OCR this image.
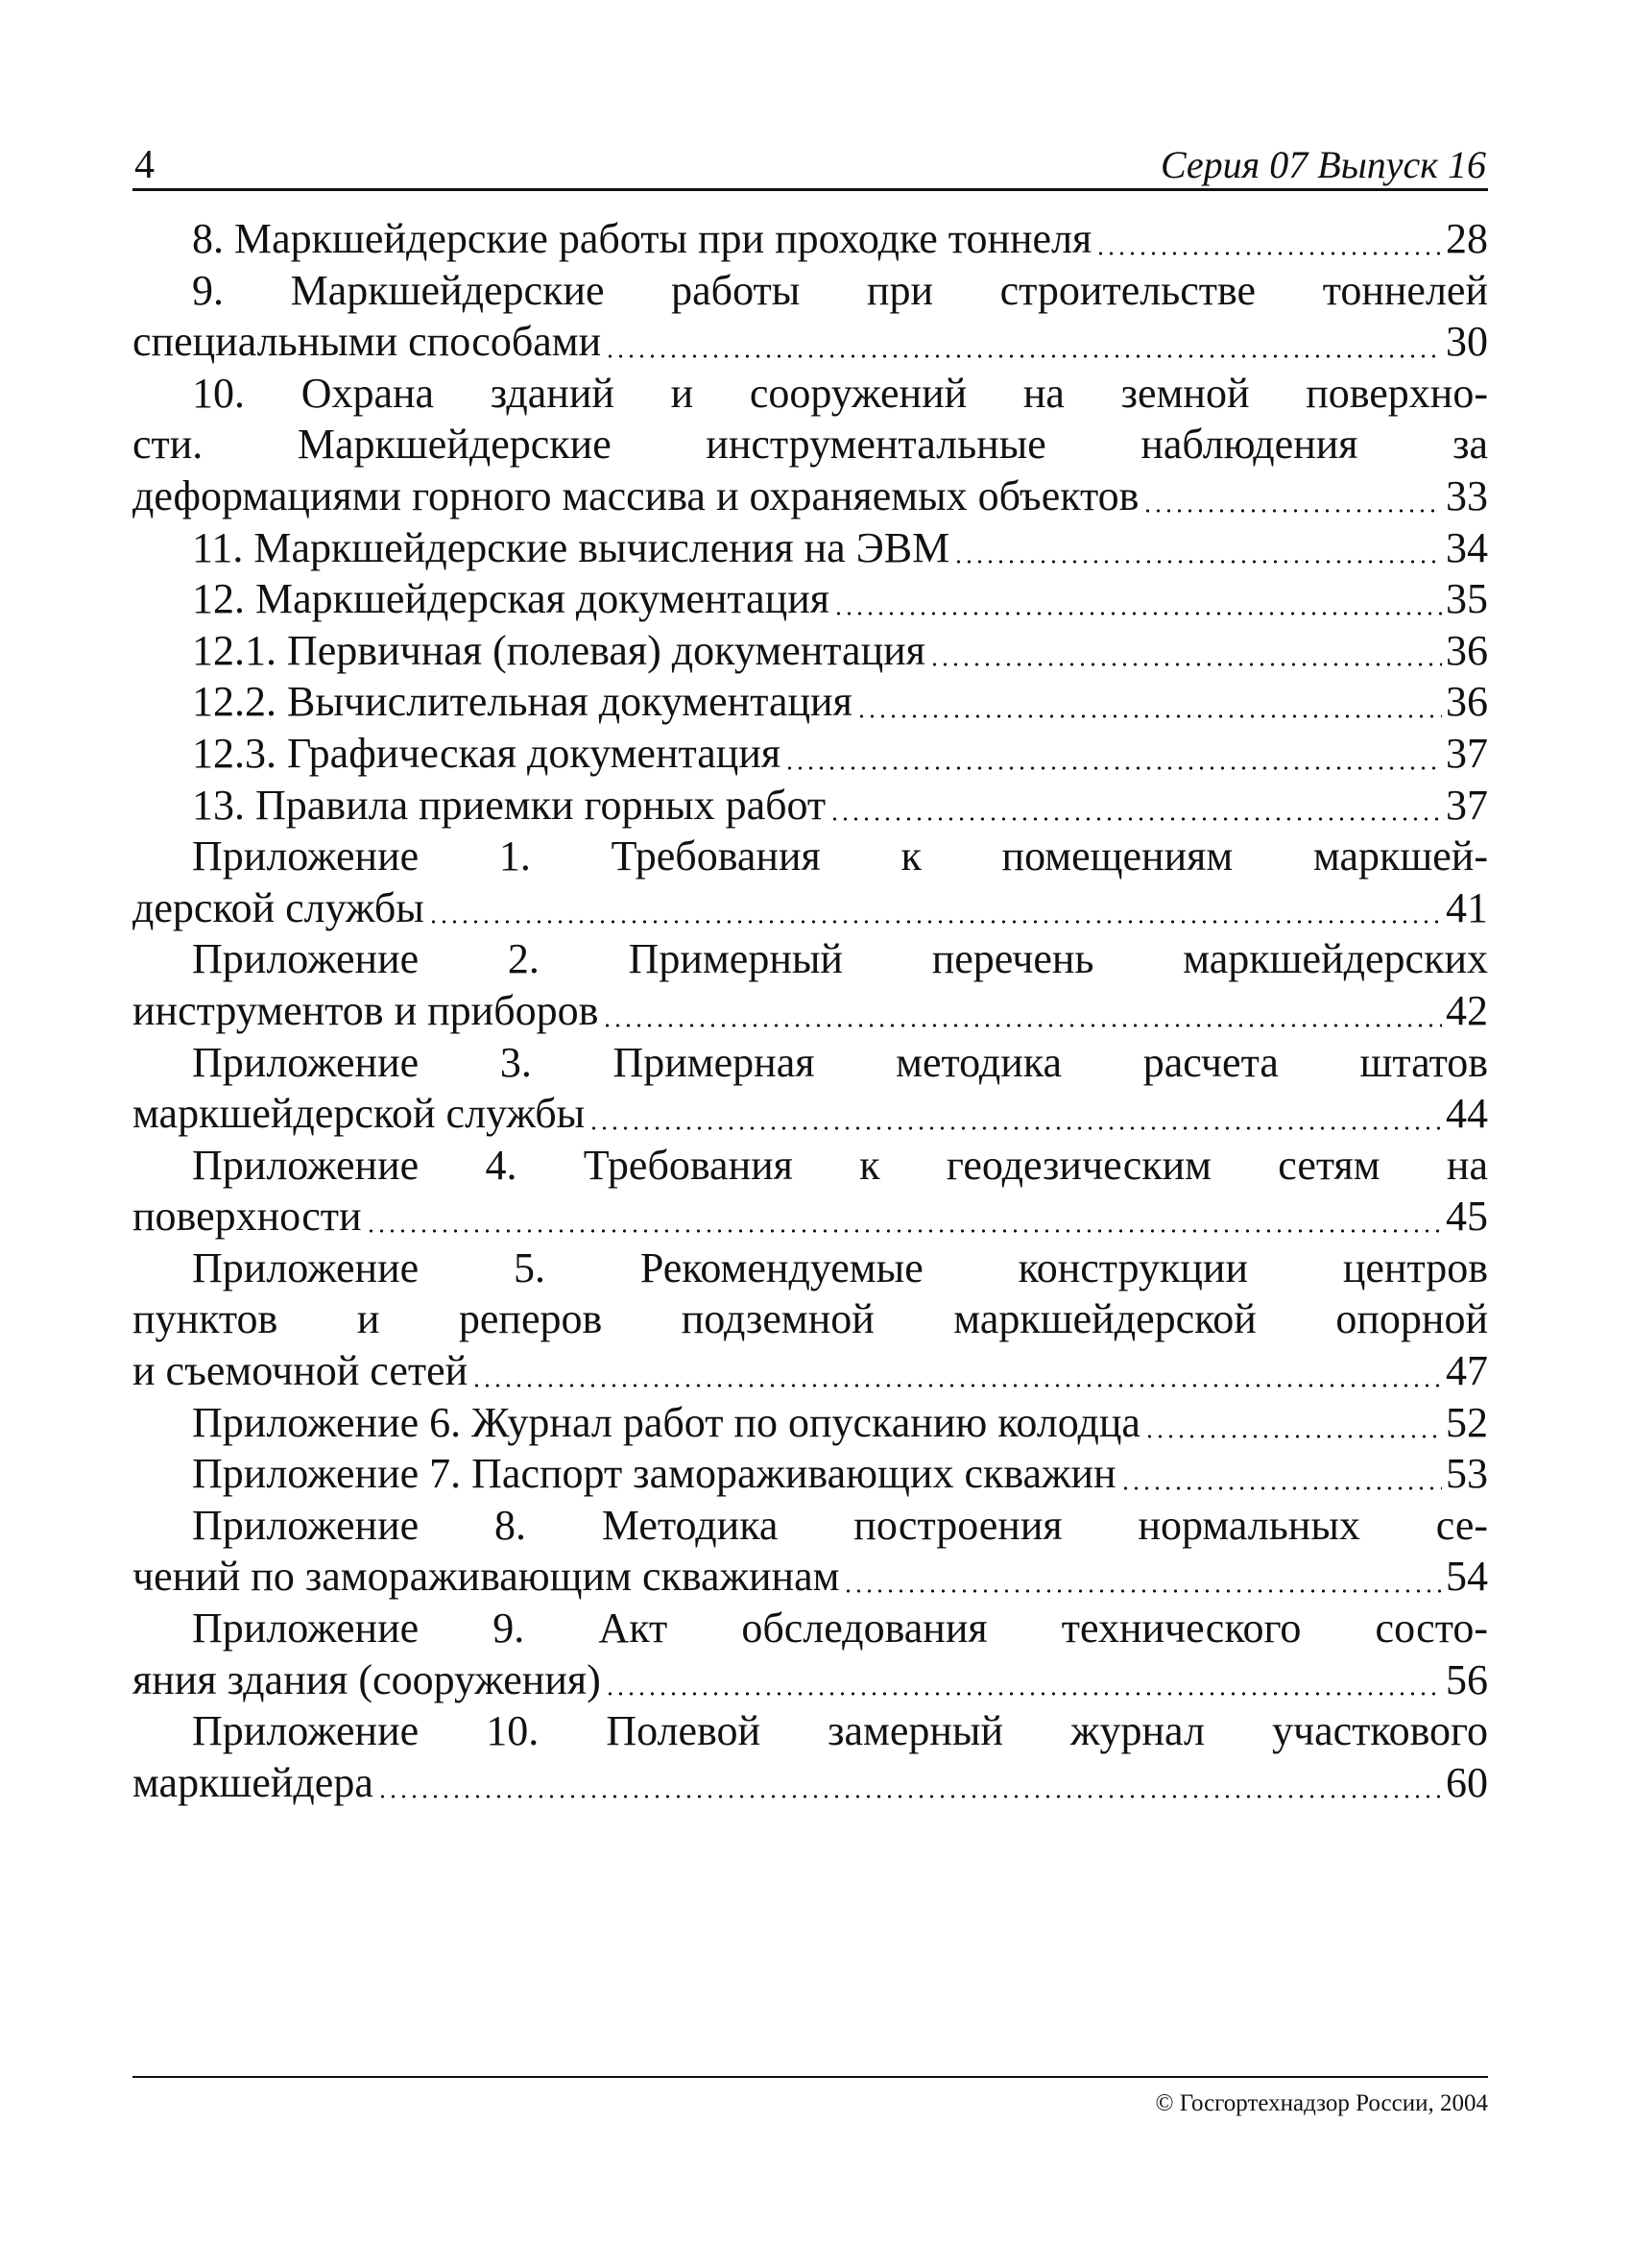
4	Серия 07 Выпуск 16
8. Маркшейдерские работы при проходке тоннеля	28
9. Маркшейдерские работы при строительстве тоннелей
специальными способами	30
10. Охрана зданий и сооружений на земной поверхно-
сти. Маркшейдерские инструментальные наблюдения за
деформациями горного массива и охраняемых объектов	33
11. Маркшейдерские вычисления на ЭВМ	34
12. Маркшейдерская документация	35
12.1. Первичная (полевая) документация	36
12.2. Вычислительная документация	36
12.3. Графическая документация	37
13. Правила приемки горных работ	37
Приложение 1. Требования к помещениям маркшей-
дерской службы	41
Приложение 2. Примерный перечень маркшейдерских
инструментов и приборов	42
Приложение 3. Примерная методика расчета штатов
маркшейдерской службы	44
Приложение 4. Требования к геодезическим сетям на
поверхности	45
Приложение 5. Рекомендуемые конструкции центров
пунктов и реперов подземной маркшейдерской опорной
и съемочной сетей	47
Приложение 6. Журнал работ по опусканию колодца	52
Приложение 7. Паспорт замораживающих скважин	53
Приложение 8. Методика построения нормальных се-
чений по замораживающим скважинам	54
Приложение 9. Акт обследования технического состо-
яния здания (сооружения)	56
Приложение 10. Полевой замерный журнал участкового
маркшейдера	60
© Госгортехнадзор России, 2004
